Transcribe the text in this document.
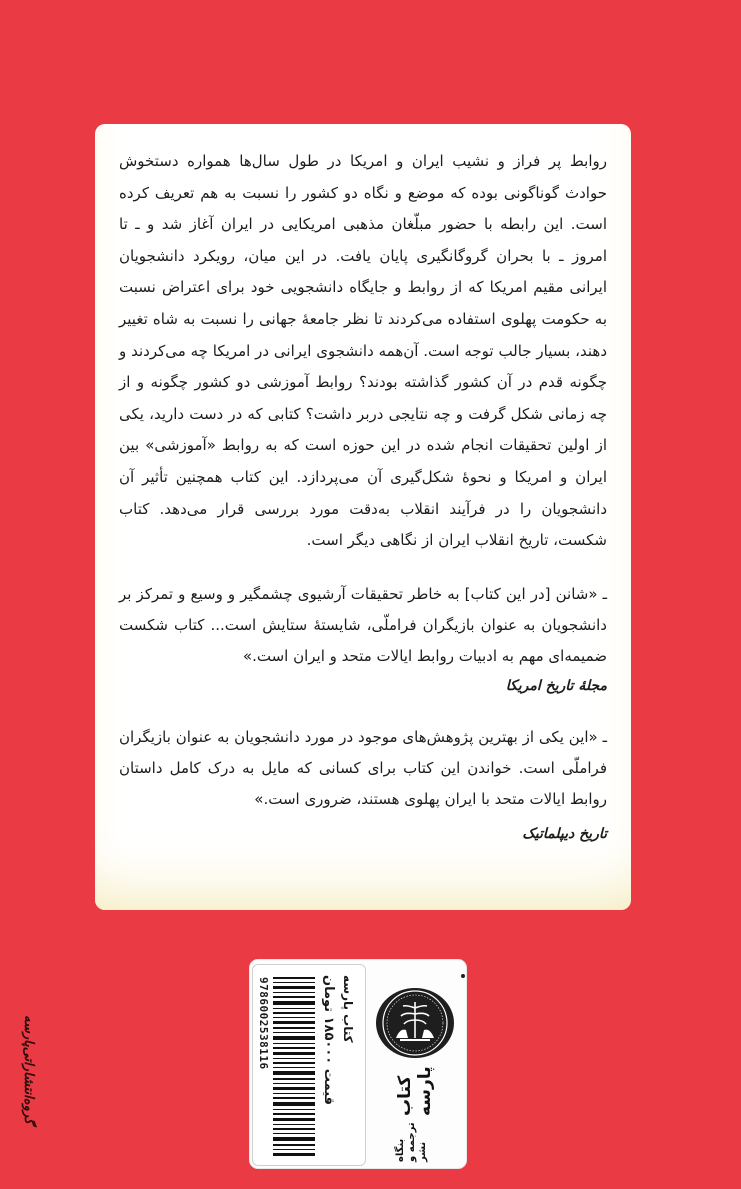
روابط پر فراز و نشیب ایران و امریکا در طول سال‌ها همواره دستخوش حوادث گوناگونی بوده که موضع و نگاه دو کشور را نسبت به هم تعریف کرده است. این رابطه با حضور مبلّغان مذهبی امریکایی در ایران آغاز شد و ـ تا امروز ـ با بحران گروگانگیری پایان یافت. در این میان، رویکرد دانشجویان ایرانی مقیم امریکا که از روابط و جایگاه دانشجویی خود برای اعتراض نسبت به حکومت پهلوی استفاده می‌کردند تا نظر جامعهٔ جهانی را نسبت به شاه تغییر دهند، بسیار جالب توجه است. آن‌همه دانشجوی ایرانی در امریکا چه می‌کردند و چگونه قدم در آن کشور گذاشته بودند؟ روابط آموزشی دو کشور چگونه و از چه زمانی شکل گرفت و چه نتایجی دربر داشت؟ کتابی که در دست دارید، یکی از اولین تحقیقات انجام شده در این حوزه است که به روابط «آموزشی» بین ایران و امریکا و نحوهٔ شکل‌گیری آن می‌پردازد. این کتاب همچنین تأثیر آن دانشجویان را در فرآیند انقلاب به‌دقت مورد بررسی قرار می‌دهد. کتاب شکست، تاریخ انقلاب ایران از نگاهی دیگر است.

ـ «شانن [در این کتاب] به خاطر تحقیقات آرشیوی چشمگیر و وسیع و تمرکز بر دانشجویان به عنوان بازیگران فراملّی، شایستهٔ ستایش است... کتاب شکست ضمیمه‌ای مهم به ادبیات روابط ایالات متحد و ایران است.»

مجلهٔ تاریخ امریکا

ـ «این یکی از بهترین پژوهش‌های موجود در مورد دانشجویان به عنوان بازیگران فراملّی است. خواندن این کتاب برای کسانی که مایل به درک کامل داستان روابط ایالات متحد با ایران پهلوی هستند، ضروری است.»

تاریخ دیپلماتیک

بنگاه ترجمه و نشر
کتاب پارسه
کتاب پارسه
قیمت ۱۸۵۰۰۰ تومان
9786002538116
گروه‌انتشاراتی‌پارسه
